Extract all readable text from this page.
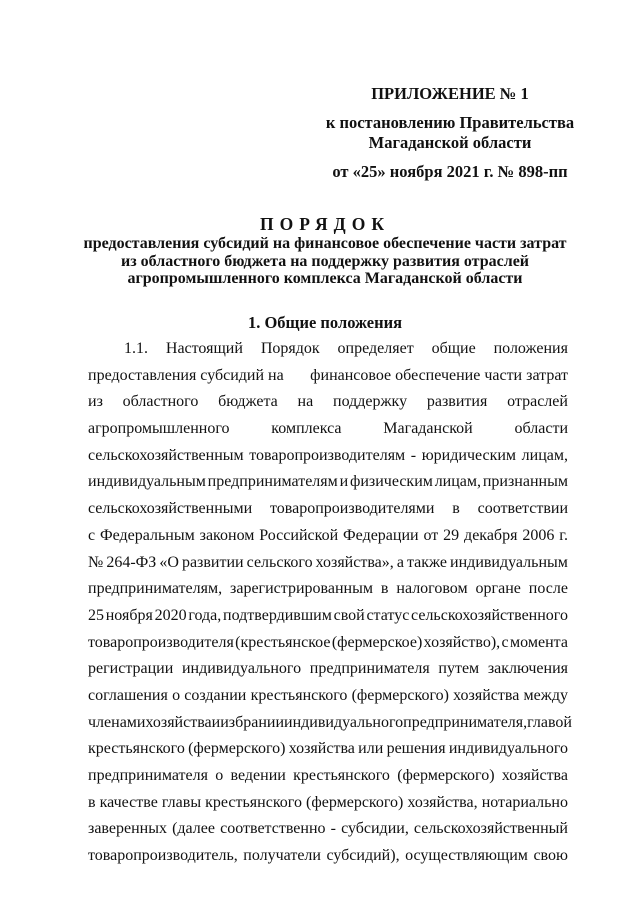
ПРИЛОЖЕНИЕ № 1
к постановлению Правительства
Магаданской области
от «25» ноября 2021 г. № 898-пп
ПОРЯДОК
предоставления субсидий на финансовое обеспечение части затрат
из областного бюджета на поддержку развития отраслей
агропромышленного комплекса Магаданской области
1. Общие положения
1.1. Настоящий Порядок определяет общие положения
предоставления субсидий на финансовое обеспечение части затрат
из областного бюджета на поддержку развития отраслей
агропромышленного	комплекса	Магаданской	области
сельскохозяйственным товаропроизводителям - юридическим лицам,
индивидуальным предпринимателям и физическим лицам, признанным
сельскохозяйственными товаропроизводителями в соответствии
с Федеральным законом Российской Федерации от 29 декабря 2006 г.
№ 264-ФЗ «О развитии сельского хозяйства», а также индивидуальным
предпринимателям, зарегистрированным в налоговом органе после
25 ноября 2020 года, подтвердившим свой статус сельскохозяйственного
товаропроизводителя (крестьянское (фермерское) хозяйство), с момента
регистрации индивидуального предпринимателя путем заключения
соглашения о создании крестьянского (фермерского) хозяйства между
членами хозяйства и избрании индивидуального предпринимателя, главой
крестьянского (фермерского) хозяйства или решения индивидуального
предпринимателя о ведении крестьянского (фермерского) хозяйства
в качестве главы крестьянского (фермерского) хозяйства, нотариально
заверенных (далее соответственно - субсидии, сельскохозяйственный
товаропроизводитель, получатели субсидий), осуществляющим свою
